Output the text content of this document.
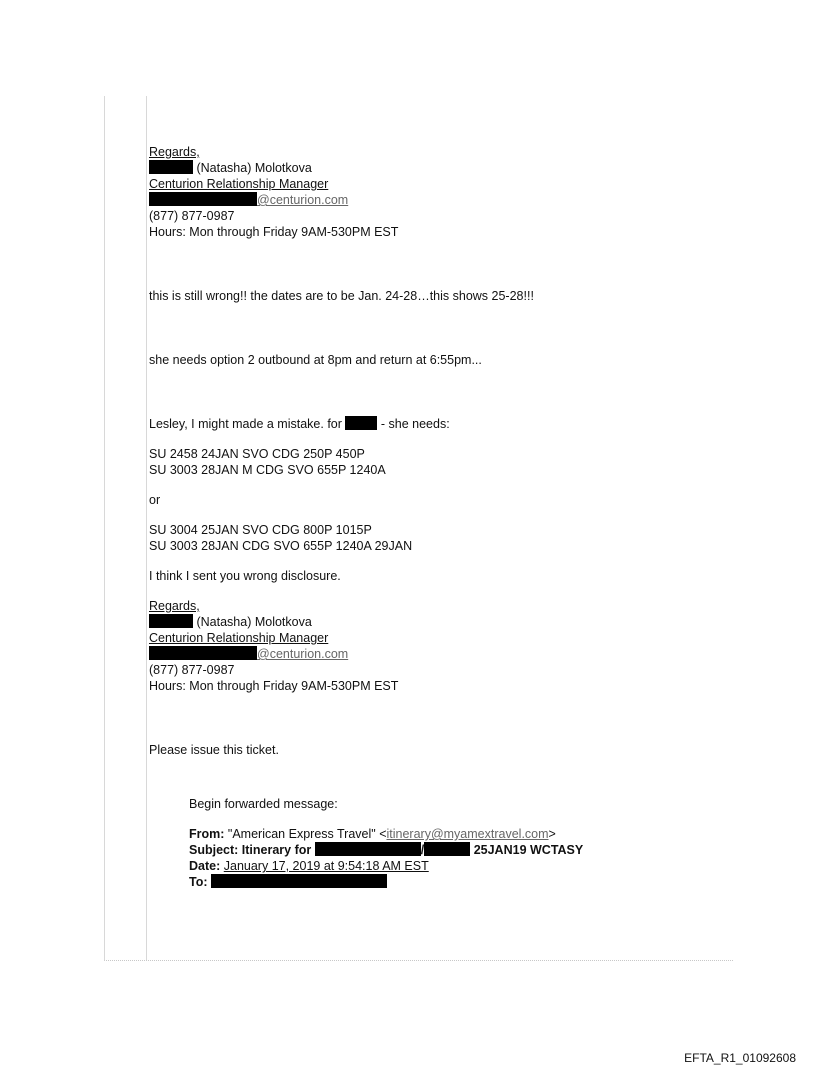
Regards,
(Natasha) Molotkova
Centurion Relationship Manager
@centurion.com
(877) 877-0987
Hours: Mon through Friday 9AM-530PM EST
this is still wrong!! the dates are to be Jan. 24-28…this shows 25-28!!!
she needs option 2 outbound at 8pm and return at 6:55pm...
Lesley, I might made a mistake. for	- she needs:
SU 2458 24JAN SVO CDG 250P 450P
SU 3003 28JAN M CDG SVO 655P 1240A
or
SU 3004 25JAN SVO CDG 800P 1015P
SU 3003 28JAN CDG SVO 655P 1240A 29JAN
I think I sent you wrong disclosure.
Regards,
(Natasha) Molotkova
Centurion Relationship Manager
@centurion.com
(877) 877-0987
Hours: Mon through Friday 9AM-530PM EST
Please issue this ticket.
Begin forwarded message:
From: "American Express Travel" <itinerary@myamextravel.com>
Subject: Itinerary for	/	25JAN19 WCTASY
Date: January 17, 2019 at 9:54:18 AM EST
To:
EFTA_R1_01092608
